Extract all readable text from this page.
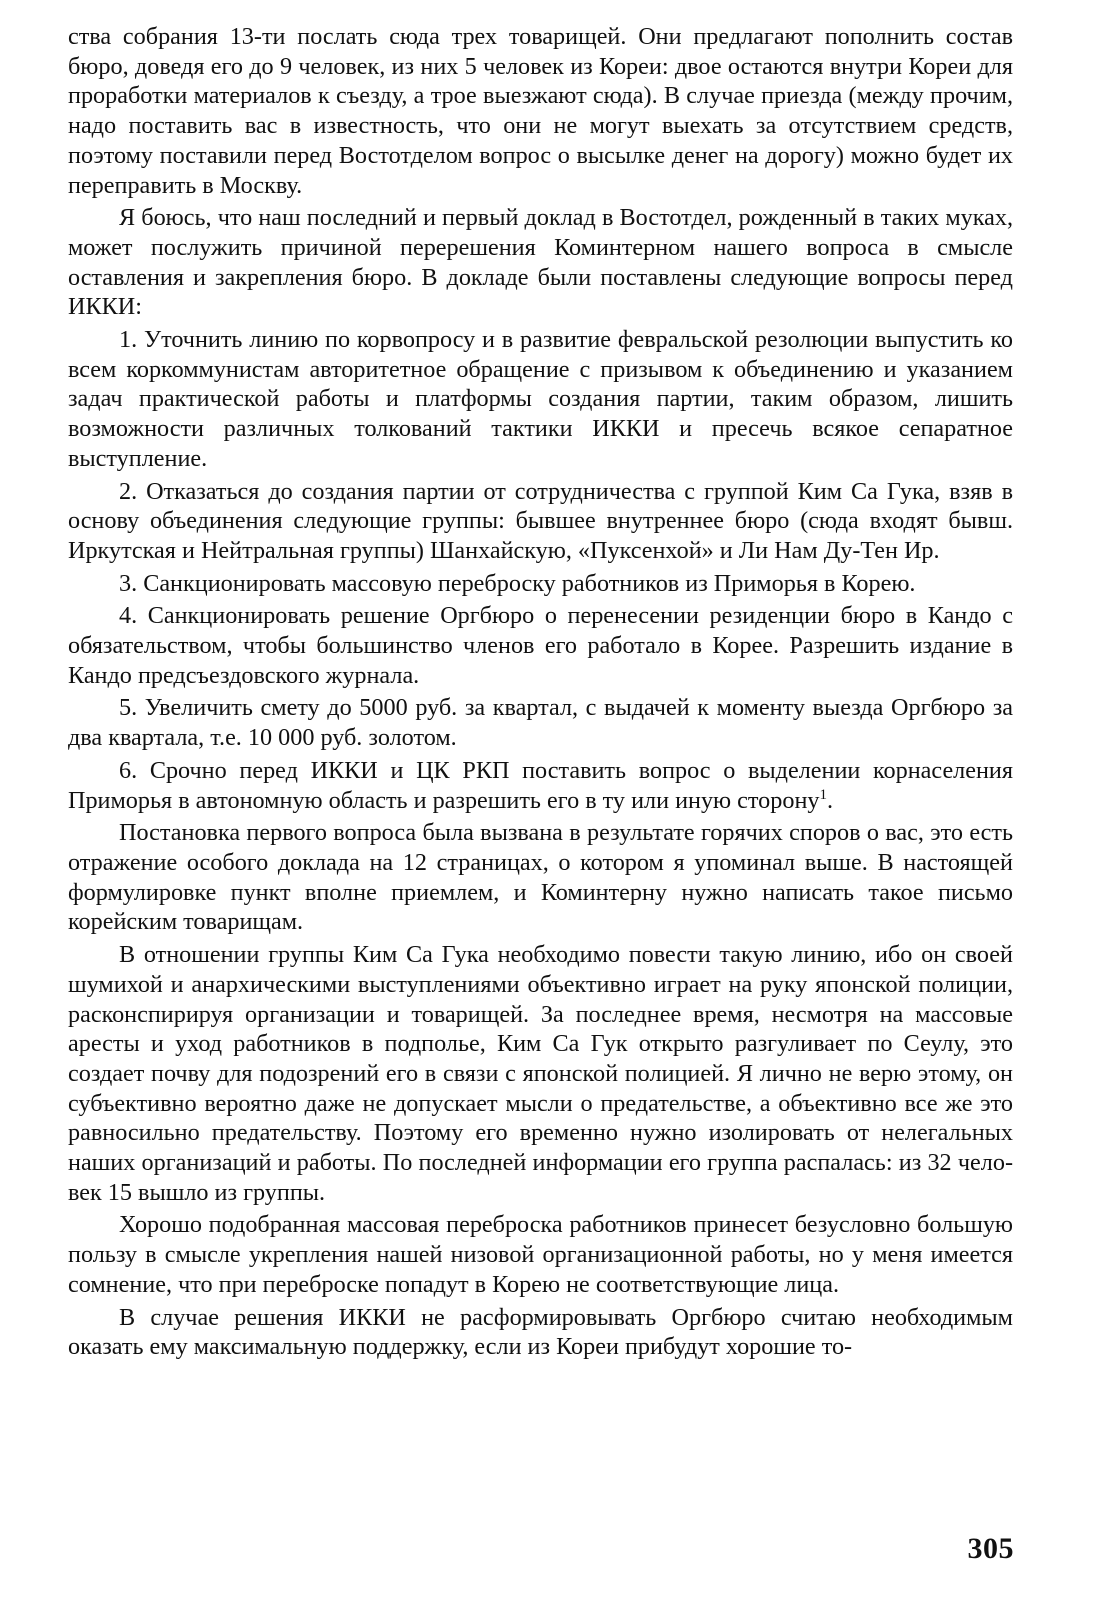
ства собрания 13-ти послать сюда трех товарищей. Они предлагают пополнить состав бюро, доведя его до 9 человек, из них 5 человек из Кореи: двое остаются внутри Кореи для проработки материалов к съезду, а трое выезжают сюда). В случае приезда (между прочим, надо поставить вас в известность, что они не могут выехать за отсутствием средств, поэтому поставили перед Востотделом вопрос о высылке денег на дорогу) можно будет их переправить в Москву.

Я боюсь, что наш последний и первый доклад в Востотдел, рожденный в таких муках, может послужить причиной перерешения Коминтерном нашего вопроса в смысле оставления и закрепления бюро. В докладе были поставлены следующие вопросы перед ИККИ:

1. Уточнить линию по корвопросу и в развитие февральской резолюции выпустить ко всем коркоммунистам авторитетное обращение с призывом к объединению и указанием задач практической работы и платформы создания партии, таким образом, лишить возможности различных толкований тактики ИККИ и пресечь всякое сепаратное выступление.

2. Отказаться до создания партии от сотрудничества с группой Ким Са Гука, взяв в основу объединения следующие группы: бывшее внутреннее бюро (сюда входят бывш. Иркутская и Нейтральная группы) Шанхайскую, «Пуксенхой» и Ли Нам Ду-Тен Ир.

3. Санкционировать массовую переброску работников из Приморья в Корею.

4. Санкционировать решение Оргбюро о перенесении резиденции бюро в Кандо с обязательством, чтобы большинство членов его работало в Корее. Разрешить издание в Кандо предсъездовского журнала.

5. Увеличить смету до 5000 руб. за квартал, с выдачей к моменту выезда Оргбюро за два квартала, т.е. 10 000 руб. золотом.

6. Срочно перед ИККИ и ЦК РКП поставить вопрос о выделении корнаселения Приморья в автономную область и разрешить его в ту или иную сторону$^1$.

Постановка первого вопроса была вызвана в результате горячих споров о вас, это есть отражение особого доклада на 12 страницах, о котором я упоминал выше. В настоящей формулировке пункт вполне приемлем, и Коминтерну нужно написать такое письмо корейским товарищам.

В отношении группы Ким Са Гука необходимо повести такую линию, ибо он своей шумихой и анархическими выступлениями объективно играет на руку японской полиции, расконспирируя организации и товарищей. За последнее время, несмотря на массовые аресты и уход работников в подполье, Ким Са Гук открыто разгуливает по Сеулу, это создает почву для подозрений его в связи с японской полицией. Я лично не верю этому, он субъективно вероятно даже не допускает мысли о предательстве, а объективно все же это равносильно предательству. Поэтому его временно нужно изолировать от нелегальных наших организаций и работы. По последней информации его группа распалась: из 32 человек 15 вышло из группы.

Хорошо подобранная массовая переброска работников принесет безусловно большую пользу в смысле укрепления нашей низовой организационной работы, но у меня имеется сомнение, что при переброске попадут в Корею не соответствующие лица.

В случае решения ИККИ не расформировывать Оргбюро считаю необходимым оказать ему максимальную поддержку, если из Кореи прибудут хорошие то-

305
